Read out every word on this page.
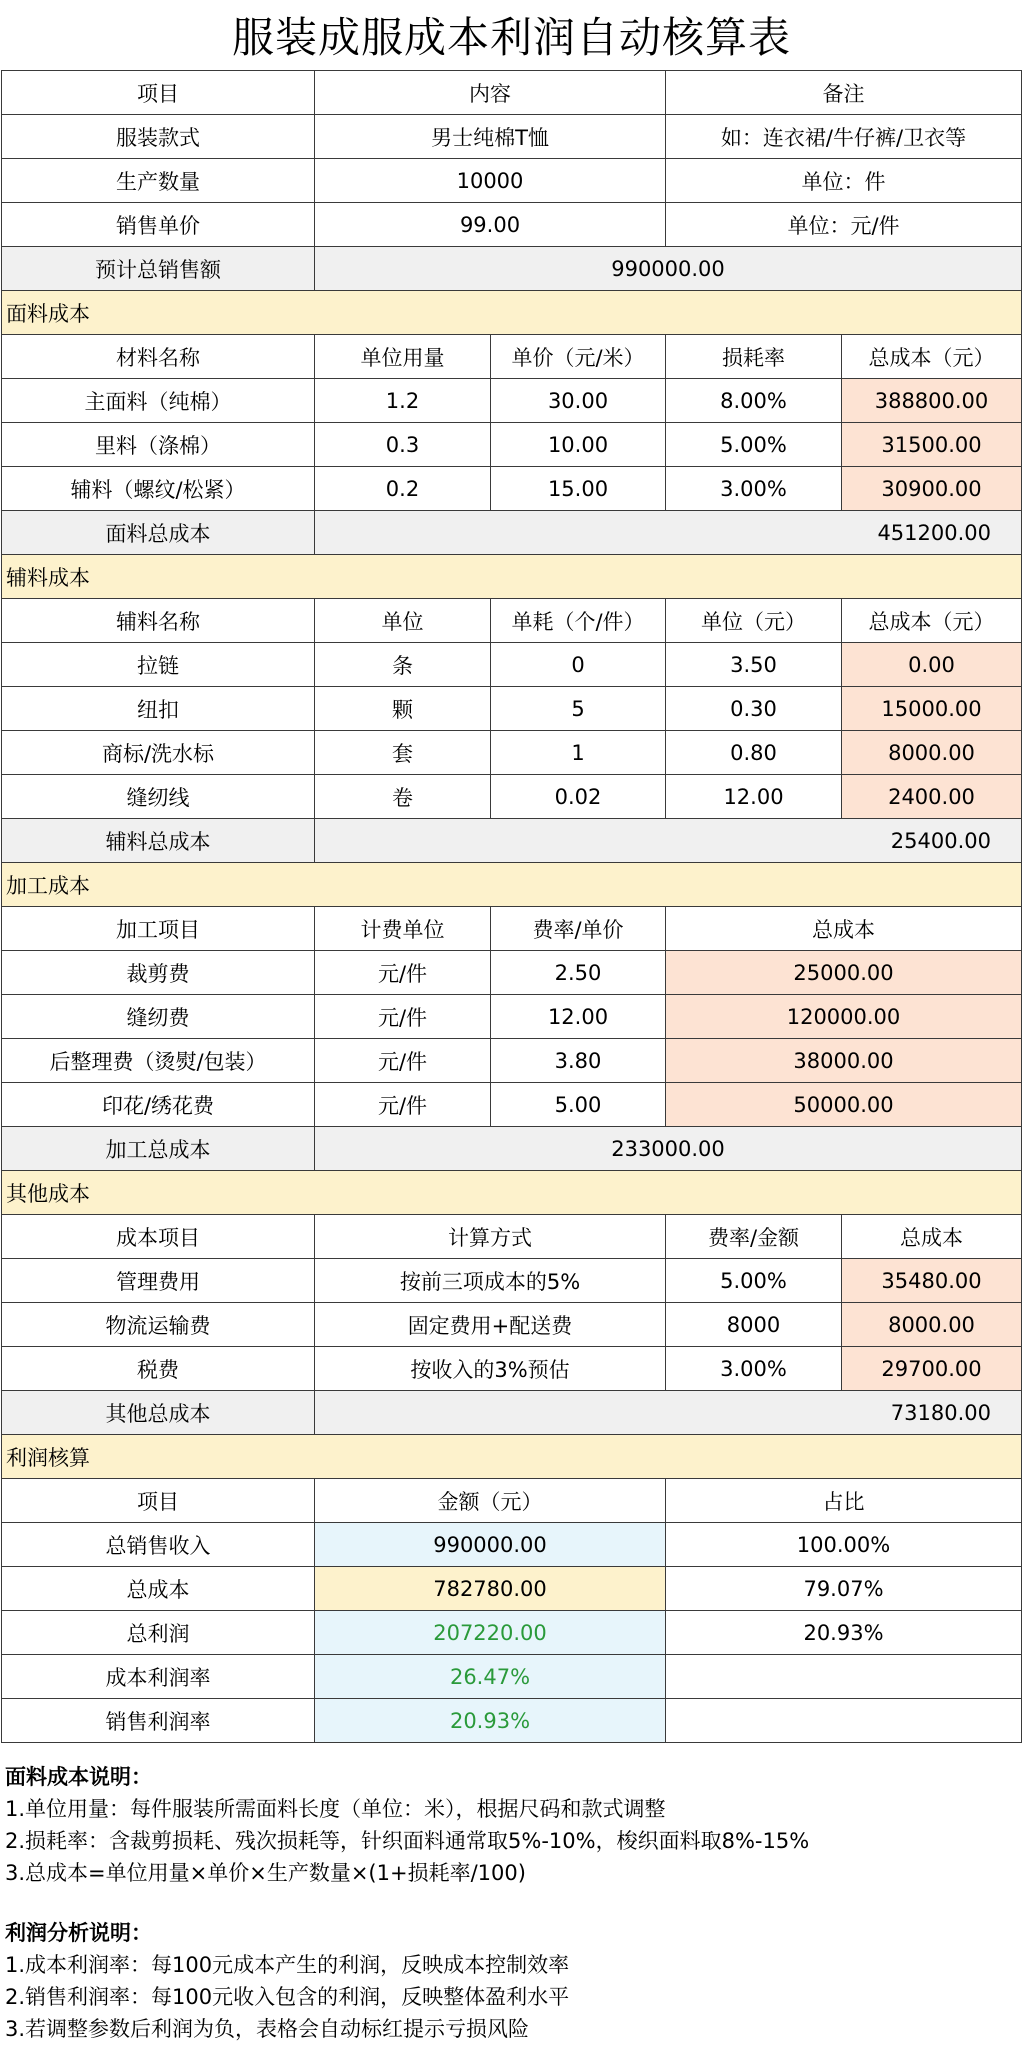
服装成服成本利润自动核算表
项目	内容		备注	
服装款式	男士纯棉T恤		如：连衣裙/牛仔裤/卫衣等	
生产数量	10000		单位：件	
销售单价	99.00		单位：元/件	
预计总销售额	990000.00			
面料成本				
材料名称	单位用量	单价（元/米）	损耗率	总成本（元）
主面料（纯棉）	1.2	30.00	8.00%	388800.00
里料（涤棉）	0.3	10.00	5.00%	31500.00
辅料（螺纹/松紧）	0.2	15.00	3.00%	30900.00
面料总成本	451200.00			
辅料成本				
辅料名称	单位	单耗（个/件）	单位（元）	总成本（元）
拉链	条	0	3.50	0.00
纽扣	颗	5	0.30	15000.00
商标/洗水标	套	1	0.80	8000.00
缝纫线	卷	0.02	12.00	2400.00
辅料总成本	25400.00			
加工成本				
加工项目	计费单位	费率/单价	总成本	
裁剪费	元/件	2.50	25000.00	
缝纫费	元/件	12.00	120000.00	
后整理费（烫熨/包装）	元/件	3.80	38000.00	
印花/绣花费	元/件	5.00	50000.00	
加工总成本	233000.00			
其他成本				
成本项目	计算方式		费率/金额	总成本
管理费用	按前三项成本的5%		5.00%	35480.00
物流运输费	固定费用+配送费		8000	8000.00
税费	按收入的3%预估		3.00%	29700.00
其他总成本	73180.00			
利润核算				
项目	金额（元）		占比	
总销售收入	990000.00		100.00%	
总成本	782780.00		79.07%	
总利润	207220.00		20.93%	
成本利润率	26.47%			
销售利润率	20.93%			
面料成本说明：
1.单位用量：每件服装所需面料长度（单位：米），根据尺码和款式调整
2.损耗率：含裁剪损耗、残次损耗等，针织面料通常取5%-10%，梭织面料取8%-15%
3.总成本=单位用量×单价×生产数量×(1+损耗率/100)
利润分析说明：
1.成本利润率：每100元成本产生的利润，反映成本控制效率
2.销售利润率：每100元收入包含的利润，反映整体盈利水平
3.若调整参数后利润为负，表格会自动标红提示亏损风险
